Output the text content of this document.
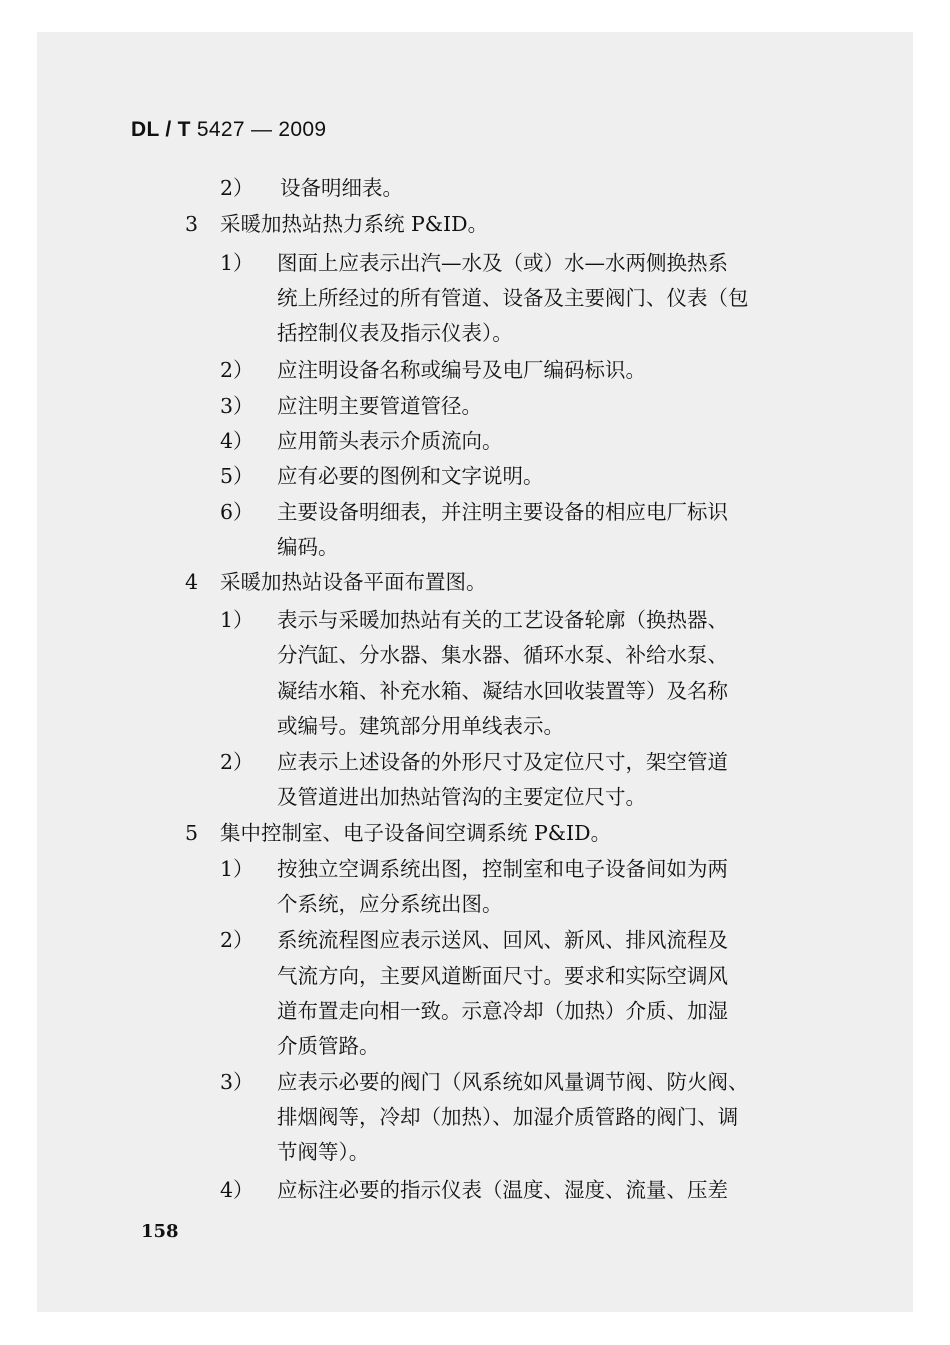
DL / T 5427 — 2009
2） 设备明细表。
3 采暖加热站热力系统 P&ID。
1） 图面上应表示出汽—水及（或）水—水两侧换热系
统上所经过的所有管道、设备及主要阀门、仪表（包
括控制仪表及指示仪表）。
2） 应注明设备名称或编号及电厂编码标识。
3） 应注明主要管道管径。
4） 应用箭头表示介质流向。
5） 应有必要的图例和文字说明。
6） 主要设备明细表，并注明主要设备的相应电厂标识
编码。
4 采暖加热站设备平面布置图。
1） 表示与采暖加热站有关的工艺设备轮廓（换热器、
分汽缸、分水器、集水器、循环水泵、补给水泵、
凝结水箱、补充水箱、凝结水回收装置等）及名称
或编号。建筑部分用单线表示。
2） 应表示上述设备的外形尺寸及定位尺寸，架空管道
及管道进出加热站管沟的主要定位尺寸。
5 集中控制室、电子设备间空调系统 P&ID。
1） 按独立空调系统出图，控制室和电子设备间如为两
个系统，应分系统出图。
2） 系统流程图应表示送风、回风、新风、排风流程及
气流方向，主要风道断面尺寸。要求和实际空调风
道布置走向相一致。示意冷却（加热）介质、加湿
介质管路。
3） 应表示必要的阀门（风系统如风量调节阀、防火阀、
排烟阀等，冷却（加热）、加湿介质管路的阀门、调
节阀等）。
4） 应标注必要的指示仪表（温度、湿度、流量、压差
158
